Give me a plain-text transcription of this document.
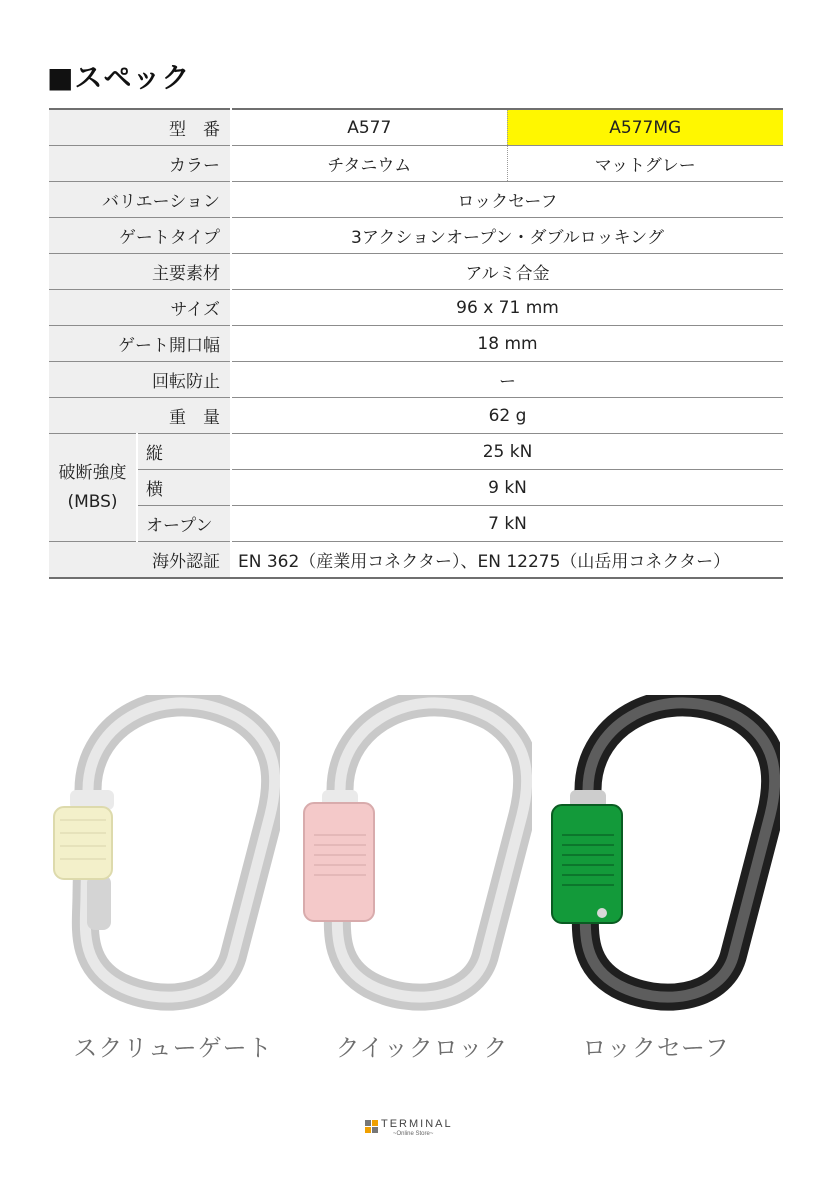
■スペック
型　番		A577	A577MG
カラー		チタニウム	マットグレー
バリエーション		ロックセーフ	
ゲートタイプ		3アクションオープン・ダブルロッキング	
主要素材		アルミ合金	
サイズ		96 x 71 mm	
ゲート開口幅		18 mm	
回転防止		ー	
重　量		62 g	

破断強度
(MBS)	縦	25 kN	
	横	9 kN	
	オープン	7 kN	
海外認証		EN 362（産業用コネクター）、EN 12275（山岳用コネクター）	
スクリューゲート	クイックロック	ロックセーフ
TERMINAL
~Online Store~
